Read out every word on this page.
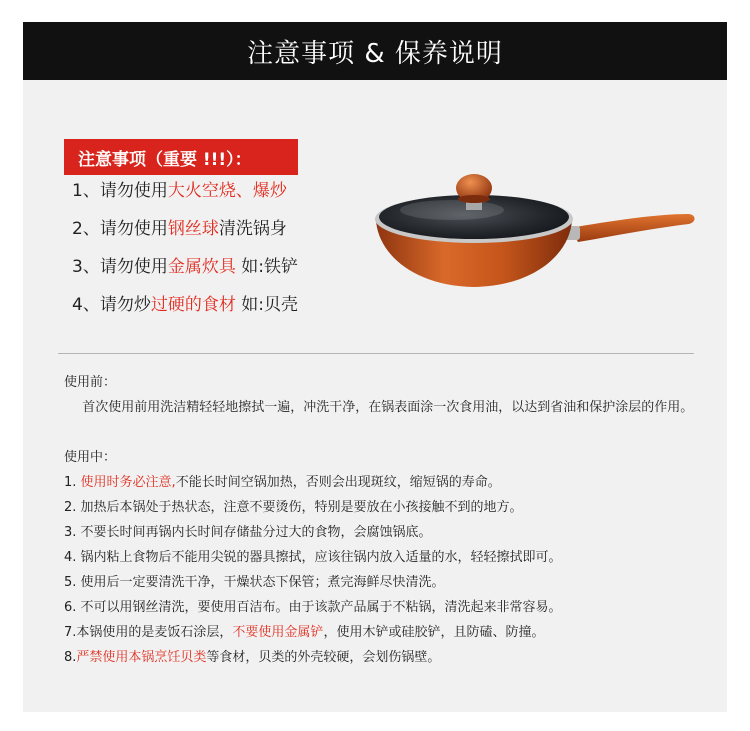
注意事项 & 保养说明
注意事项（重要 !!!）：
1、请勿使用大火空烧、爆炒
2、请勿使用钢丝球清洗锅身
3、请勿使用金属炊具 如:铁铲
4、请勿炒过硬的食材 如:贝壳

使用前：

首次使用前用洗洁精轻轻地擦拭一遍，冲洗干净，在锅表面涂一次食用油，以达到省油和保护涂层的作用。

使用中：

1. 使用时务必注意,不能长时间空锅加热，否则会出现斑纹，缩短锅的寿命。
2. 加热后本锅处于热状态，注意不要烫伤，特别是要放在小孩接触不到的地方。
3. 不要长时间再锅内长时间存储盐分过大的食物，会腐蚀锅底。
4. 锅内粘上食物后不能用尖锐的器具擦拭，应该往锅内放入适量的水，轻轻擦拭即可。
5. 使用后一定要清洗干净，干燥状态下保管；煮完海鲜尽快清洗。
6. 不可以用钢丝清洗，要使用百洁布。由于该款产品属于不粘锅，清洗起来非常容易。
7.本锅使用的是麦饭石涂层，不要使用金属铲，使用木铲或硅胶铲，且防磕、防撞。
8.严禁使用本锅烹饪贝类等食材，贝类的外壳较硬，会划伤锅壁。
